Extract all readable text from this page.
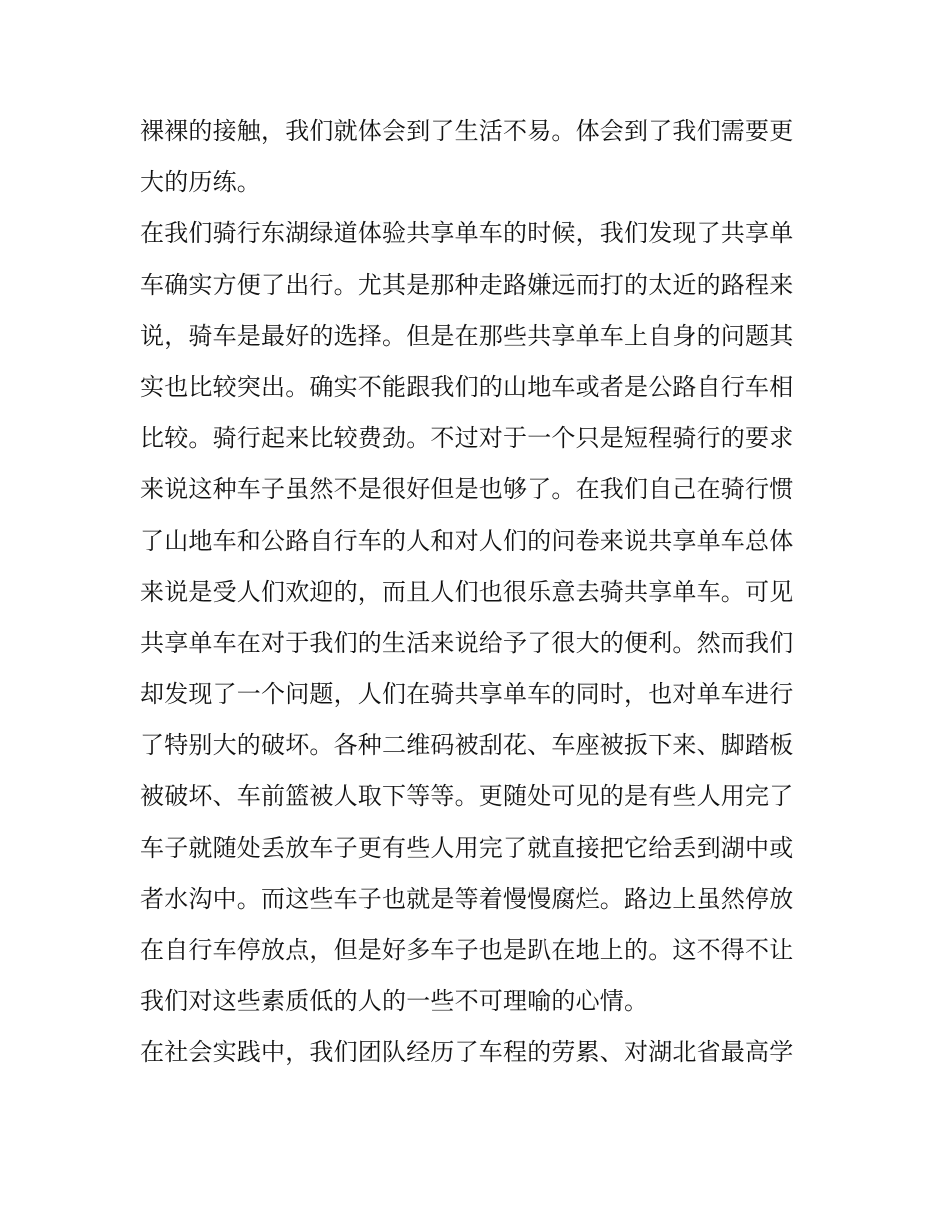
裸裸的接触，我们就体会到了生活不易。体会到了我们需要更
大的历练。
在我们骑行东湖绿道体验共享单车的时候，我们发现了共享单
车确实方便了出行。尤其是那种走路嫌远而打的太近的路程来
说，骑车是最好的选择。但是在那些共享单车上自身的问题其
实也比较突出。确实不能跟我们的山地车或者是公路自行车相
比较。骑行起来比较费劲。不过对于一个只是短程骑行的要求
来说这种车子虽然不是很好但是也够了。在我们自己在骑行惯
了山地车和公路自行车的人和对人们的问卷来说共享单车总体
来说是受人们欢迎的，而且人们也很乐意去骑共享单车。可见
共享单车在对于我们的生活来说给予了很大的便利。然而我们
却发现了一个问题，人们在骑共享单车的同时，也对单车进行
了特别大的破坏。各种二维码被刮花、车座被扳下来、脚踏板
被破坏、车前篮被人取下等等。更随处可见的是有些人用完了
车子就随处丢放车子更有些人用完了就直接把它给丢到湖中或
者水沟中。而这些车子也就是等着慢慢腐烂。路边上虽然停放
在自行车停放点，但是好多车子也是趴在地上的。这不得不让
我们对这些素质低的人的一些不可理喻的心情。
在社会实践中，我们团队经历了车程的劳累、对湖北省最高学
